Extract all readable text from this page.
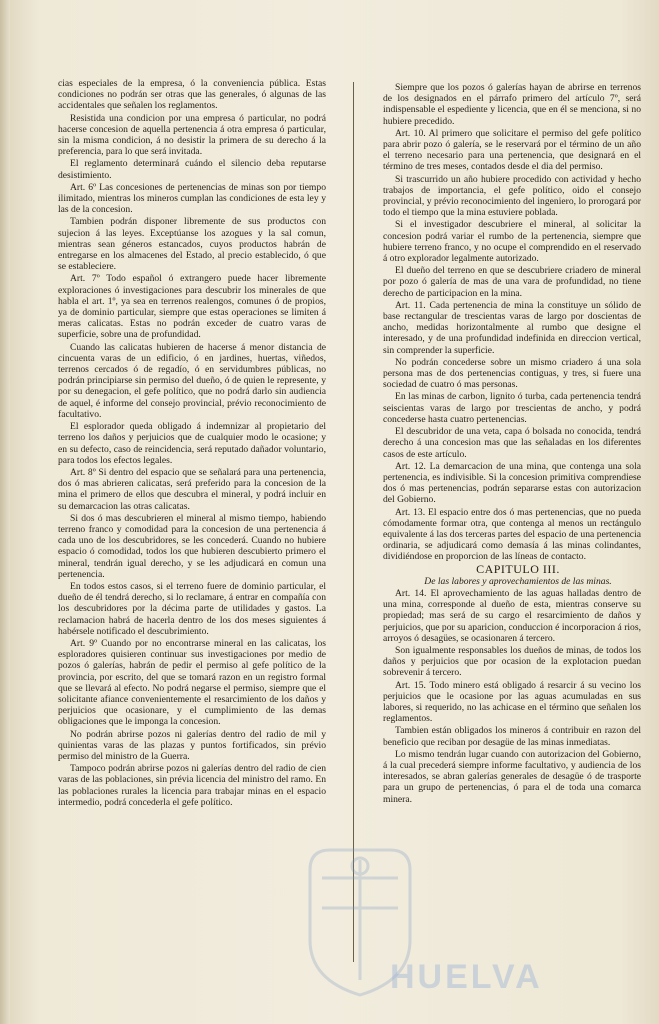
cias especiales de la empresa, ó la conveniencia pública. Estas condiciones no podrán ser otras que las generales, ó algunas de las accidentales que señalen los reglamentos.

Resistida una condicion por una empresa ó particular, no podrá hacerse concesion de aquella pertenencia á otra empresa ó particular, sin la misma condicion, á no desistir la primera de su derecho á la preferencia, para lo que será invitada.

El reglamento determinará cuándo el silencio deba reputarse desistimiento.

Art. 6º Las concesiones de pertenencias de minas son por tiempo ilimitado, mientras los mineros cumplan las condiciones de esta ley y las de la concesion.

Tambien podrán disponer libremente de sus productos con sujecion á las leyes. Exceptúanse los azogues y la sal comun, mientras sean géneros estancados, cuyos productos habrán de entregarse en los almacenes del Estado, al precio establecido, ó que se estableciere.

Art. 7º Todo español ó extrangero puede hacer libremente exploraciones ó investigaciones para descubrir los minerales de que habla el art. 1º, ya sea en terrenos realengos, comunes ó de propios, ya de dominio particular, siempre que estas operaciones se limiten á meras calicatas. Estas no podrán exceder de cuatro varas de superficie, sobre una de profundidad.

Cuando las calicatas hubieren de hacerse á menor distancia de cincuenta varas de un edificio, ó en jardines, huertas, viñedos, terrenos cercados ó de regadío, ó en servidumbres públicas, no podrán principiarse sin permiso del dueño, ó de quien le represente, y por su denegacion, el gefe político, que no podrá darlo sin audiencia de aquel, é informe del consejo provincial, prévio reconocimiento de facultativo.

El esplorador queda obligado á indemnizar al propietario del terreno los daños y perjuicios que de cualquier modo le ocasione; y en su defecto, caso de reincidencia, será reputado dañador voluntario, para todos los efectos legales.

Art. 8º Si dentro del espacio que se señalará para una pertenencia, dos ó mas abrieren calicatas, será preferido para la concesion de la mina el primero de ellos que descubra el mineral, y podrá incluir en su demarcacion las otras calicatas.

Si dos ó mas descubrieren el mineral al mismo tiempo, habiendo terreno franco y comodidad para la concesion de una pertenencia á cada uno de los descubridores, se les concederá. Cuando no hubiere espacio ó comodidad, todos los que hubieren descubierto primero el mineral, tendrán igual derecho, y se les adjudicará en comun una pertenencia.

En todos estos casos, si el terreno fuere de dominio particular, el dueño de él tendrá derecho, si lo reclamare, á entrar en compañía con los descubridores por la décima parte de utilidades y gastos. La reclamacion habrá de hacerla dentro de los dos meses siguientes á habérsele notificado el descubrimiento.

Art. 9º Cuando por no encontrarse mineral en las calicatas, los esploradores quisieren continuar sus investigaciones por medio de pozos ó galerías, habrán de pedir el permiso al gefe político de la provincia, por escrito, del que se tomará razon en un registro formal que se llevará al efecto. No podrá negarse el permiso, siempre que el solicitante afiance convenientemente el resarcimiento de los daños y perjuicios que ocasionare, y el cumplimiento de las demas obligaciones que le imponga la concesion.

No podrán abrirse pozos ni galerías dentro del radio de mil y quinientas varas de las plazas y puntos fortificados, sin prévio permiso del ministro de la Guerra.

Tampoco podrán abrirse pozos ni galerías dentro del radio de cien varas de las poblaciones, sin prévia licencia del ministro del ramo. En las poblaciones rurales la licencia para trabajar minas en el espacio intermedio, podrá concederla el gefe político.

Siempre que los pozos ó galerías hayan de abrirse en terrenos de los designados en el párrafo primero del artículo 7º, será indispensable el espediente y licencia, que en él se menciona, si no hubiere precedido.

Art. 10. Al primero que solicitare el permiso del gefe político para abrir pozo ó galería, se le reservará por el término de un año el terreno necesario para una pertenencia, que designará en el término de tres meses, contados desde el dia del permiso.

Si trascurrido un año hubiere procedido con actividad y hecho trabajos de importancia, el gefe político, oido el consejo provincial, y prévio reconocimiento del ingeniero, lo prorogará por todo el tiempo que la mina estuviere poblada.

Si el investigador descubriere el mineral, al solicitar la concesion podrá variar el rumbo de la pertenencia, siempre que hubiere terreno franco, y no ocupe el comprendido en el reservado á otro explorador legalmente autorizado.

El dueño del terreno en que se descubriere criadero de mineral por pozo ó galería de mas de una vara de profundidad, no tiene derecho de participacion en la mina.

Art. 11. Cada pertenencia de mina la constituye un sólido de base rectangular de trescientas varas de largo por doscientas de ancho, medidas horizontalmente al rumbo que designe el interesado, y de una profundidad indefinida en direccion vertical, sin comprender la superficie.

No podrán concederse sobre un mismo criadero á una sola persona mas de dos pertenencias contiguas, y tres, si fuere una sociedad de cuatro ó mas personas.

En las minas de carbon, lignito ó turba, cada pertenencia tendrá seiscientas varas de largo por trescientas de ancho, y podrá concederse hasta cuatro pertenencias.

El descubridor de una veta, capa ó bolsada no conocida, tendrá derecho á una concesion mas que las señaladas en los diferentes casos de este artículo.

Art. 12. La demarcacion de una mina, que contenga una sola pertenencia, es indivisible. Si la concesion primitiva comprendiese dos ó mas pertenencias, podrán separarse estas con autorizacion del Gobierno.

Art. 13. El espacio entre dos ó mas pertenencias, que no pueda cómodamente formar otra, que contenga al menos un rectángulo equivalente á las dos terceras partes del espacio de una pertenencia ordinaria, se adjudicará como demasía á las minas colindantes, dividiéndose en proporcion de las líneas de contacto.

CAPITULO III.

De las labores y aprovechamientos de las minas.

Art. 14. El aprovechamiento de las aguas halladas dentro de una mina, corresponde al dueño de esta, mientras conserve su propiedad; mas será de su cargo el resarcimiento de daños y perjuicios, que por su aparicion, conduccion é incorporacion á rios, arroyos ó desagües, se ocasionaren á tercero.

Son igualmente responsables los dueños de minas, de todos los daños y perjuicios que por ocasion de la explotacion puedan sobrevenir á tercero.

Art. 15. Todo minero está obligado á resarcir á su vecino los perjuicios que le ocasione por las aguas acumuladas en sus labores, si requerido, no las achicase en el término que señalen los reglamentos.

Tambien están obligados los mineros á contribuir en razon del beneficio que reciban por desagüe de las minas inmediatas.

Lo mismo tendrán lugar cuando con autorizacion del Gobierno, á la cual precederá siempre informe facultativo, y audiencia de los interesados, se abran galerías generales de desagüe ó de trasporte para un grupo de pertenencias, ó para el de toda una comarca minera.

HUELVA
